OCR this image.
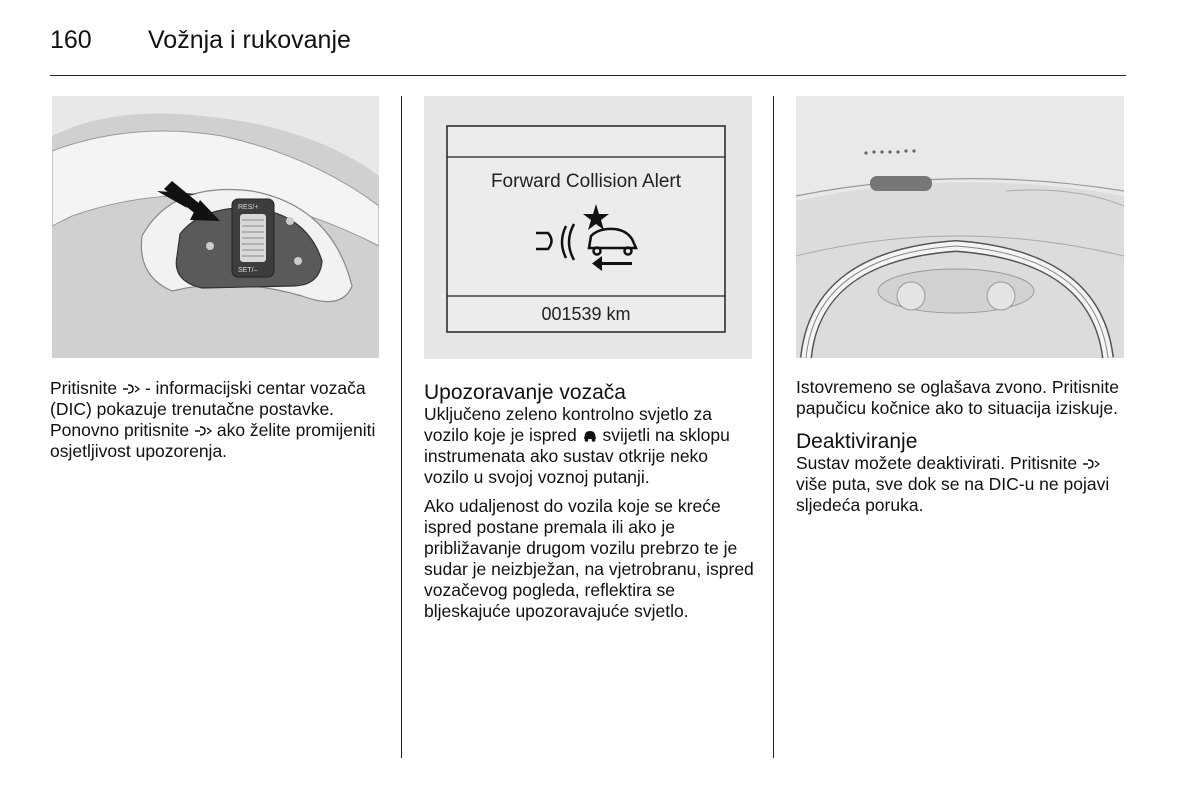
160 Vožnja i rukovanje
RES/+
SET/–
Forward Collision Alert
001539 km

Pritisnite  - informacijski centar vozača (DIC) pokazuje trenutačne postavke. Ponovno pritisnite  ako želite promijeniti osjetljivost upozorenja.

Upozoravanje vozača

Uključeno zeleno kontrolno svjetlo za vozilo koje je ispred  svijetli na sklopu instrumenata ako sustav otkrije neko vozilo u svojoj voznoj putanji.

Ako udaljenost do vozila koje se kreće ispred postane premala ili ako je približavanje drugom vozilu prebrzo te je sudar je neizbježan, na vjetrobranu, ispred vozačevog pogleda, reflektira se bljeskajuće upozoravajuće svjetlo.

Istovremeno se oglašava zvono. Pritisnite papučicu kočnice ako to situacija iziskuje.

Deaktiviranje

Sustav možete deaktivirati. Pritisnite  više puta, sve dok se na DIC-u ne pojavi sljedeća poruka.
